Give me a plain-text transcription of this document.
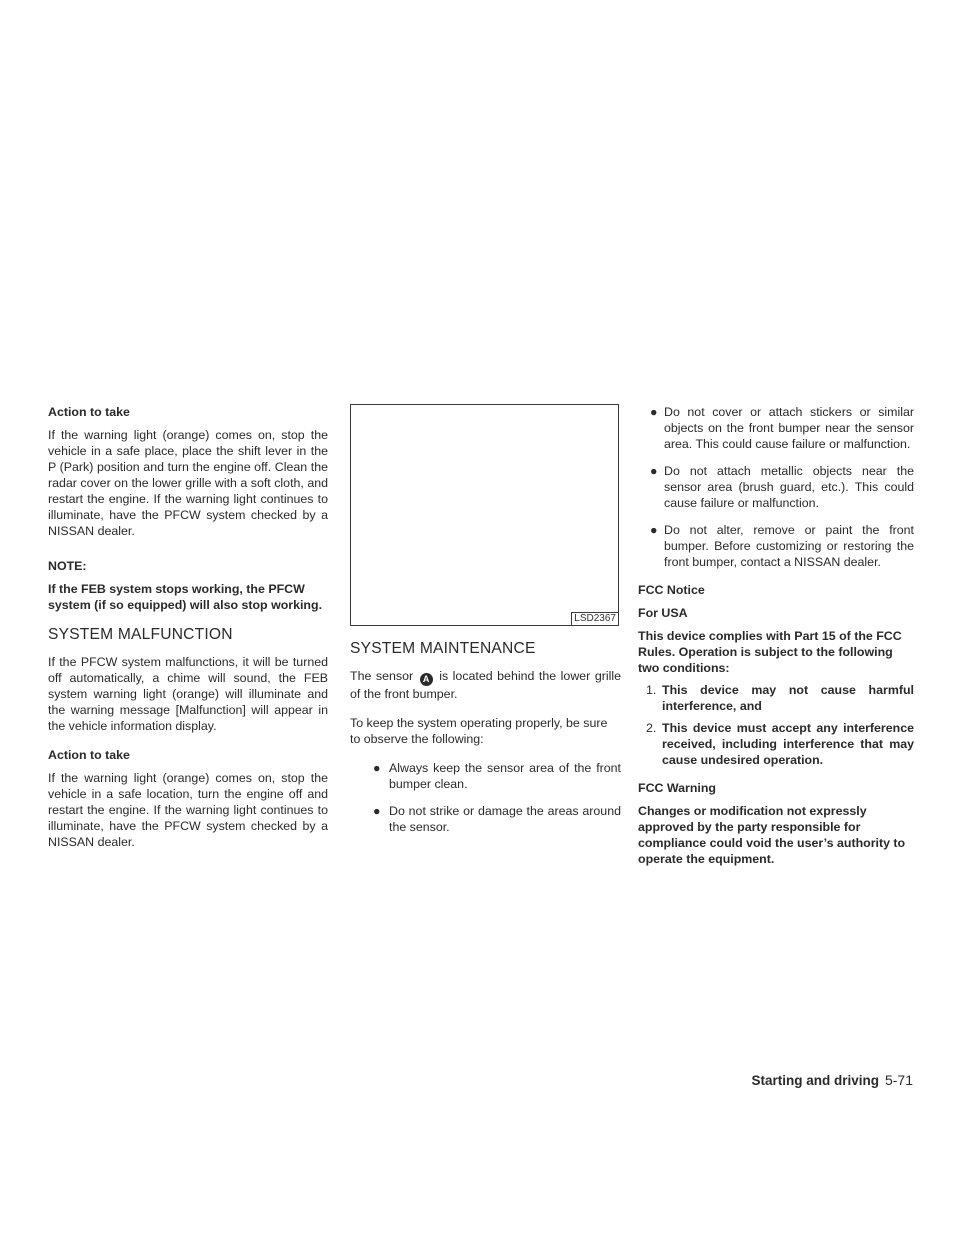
Action to take

If the warning light (orange) comes on, stop the vehicle in a safe place, place the shift lever in the P (Park) position and turn the engine off. Clean the radar cover on the lower grille with a soft cloth, and restart the engine. If the warning light continues to illuminate, have the PFCW system checked by a NISSAN dealer.

NOTE:

If the FEB system stops working, the PFCW system (if so equipped) will also stop working.

SYSTEM MALFUNCTION

If the PFCW system malfunctions, it will be turned off automatically, a chime will sound, the FEB system warning light (orange) will illuminate and the warning message [Malfunction] will appear in the vehicle information display.

Action to take

If the warning light (orange) comes on, stop the vehicle in a safe location, turn the engine off and restart the engine. If the warning light continues to illuminate, have the PFCW system checked by a NISSAN dealer.

LSD2367
SYSTEM MAINTENANCE

The sensor A is located behind the lower grille of the front bumper.

To keep the system operating properly, be sure to observe the following:

● Always keep the sensor area of the front bumper clean.
● Do not strike or damage the areas around the sensor.
● Do not cover or attach stickers or similar objects on the front bumper near the sensor area. This could cause failure or malfunction.
● Do not attach metallic objects near the sensor area (brush guard, etc.). This could cause failure or malfunction.
● Do not alter, remove or paint the front bumper. Before customizing or restoring the front bumper, contact a NISSAN dealer.

FCC Notice

For USA

This device complies with Part 15 of the FCC Rules. Operation is subject to the following two conditions:

1. This device may not cause harmful interference, and
2. This device must accept any interference received, including interference that may cause undesired operation.

FCC Warning

Changes or modification not expressly approved by the party responsible for compliance could void the user’s authority to operate the equipment.

Starting and driving 5-71
